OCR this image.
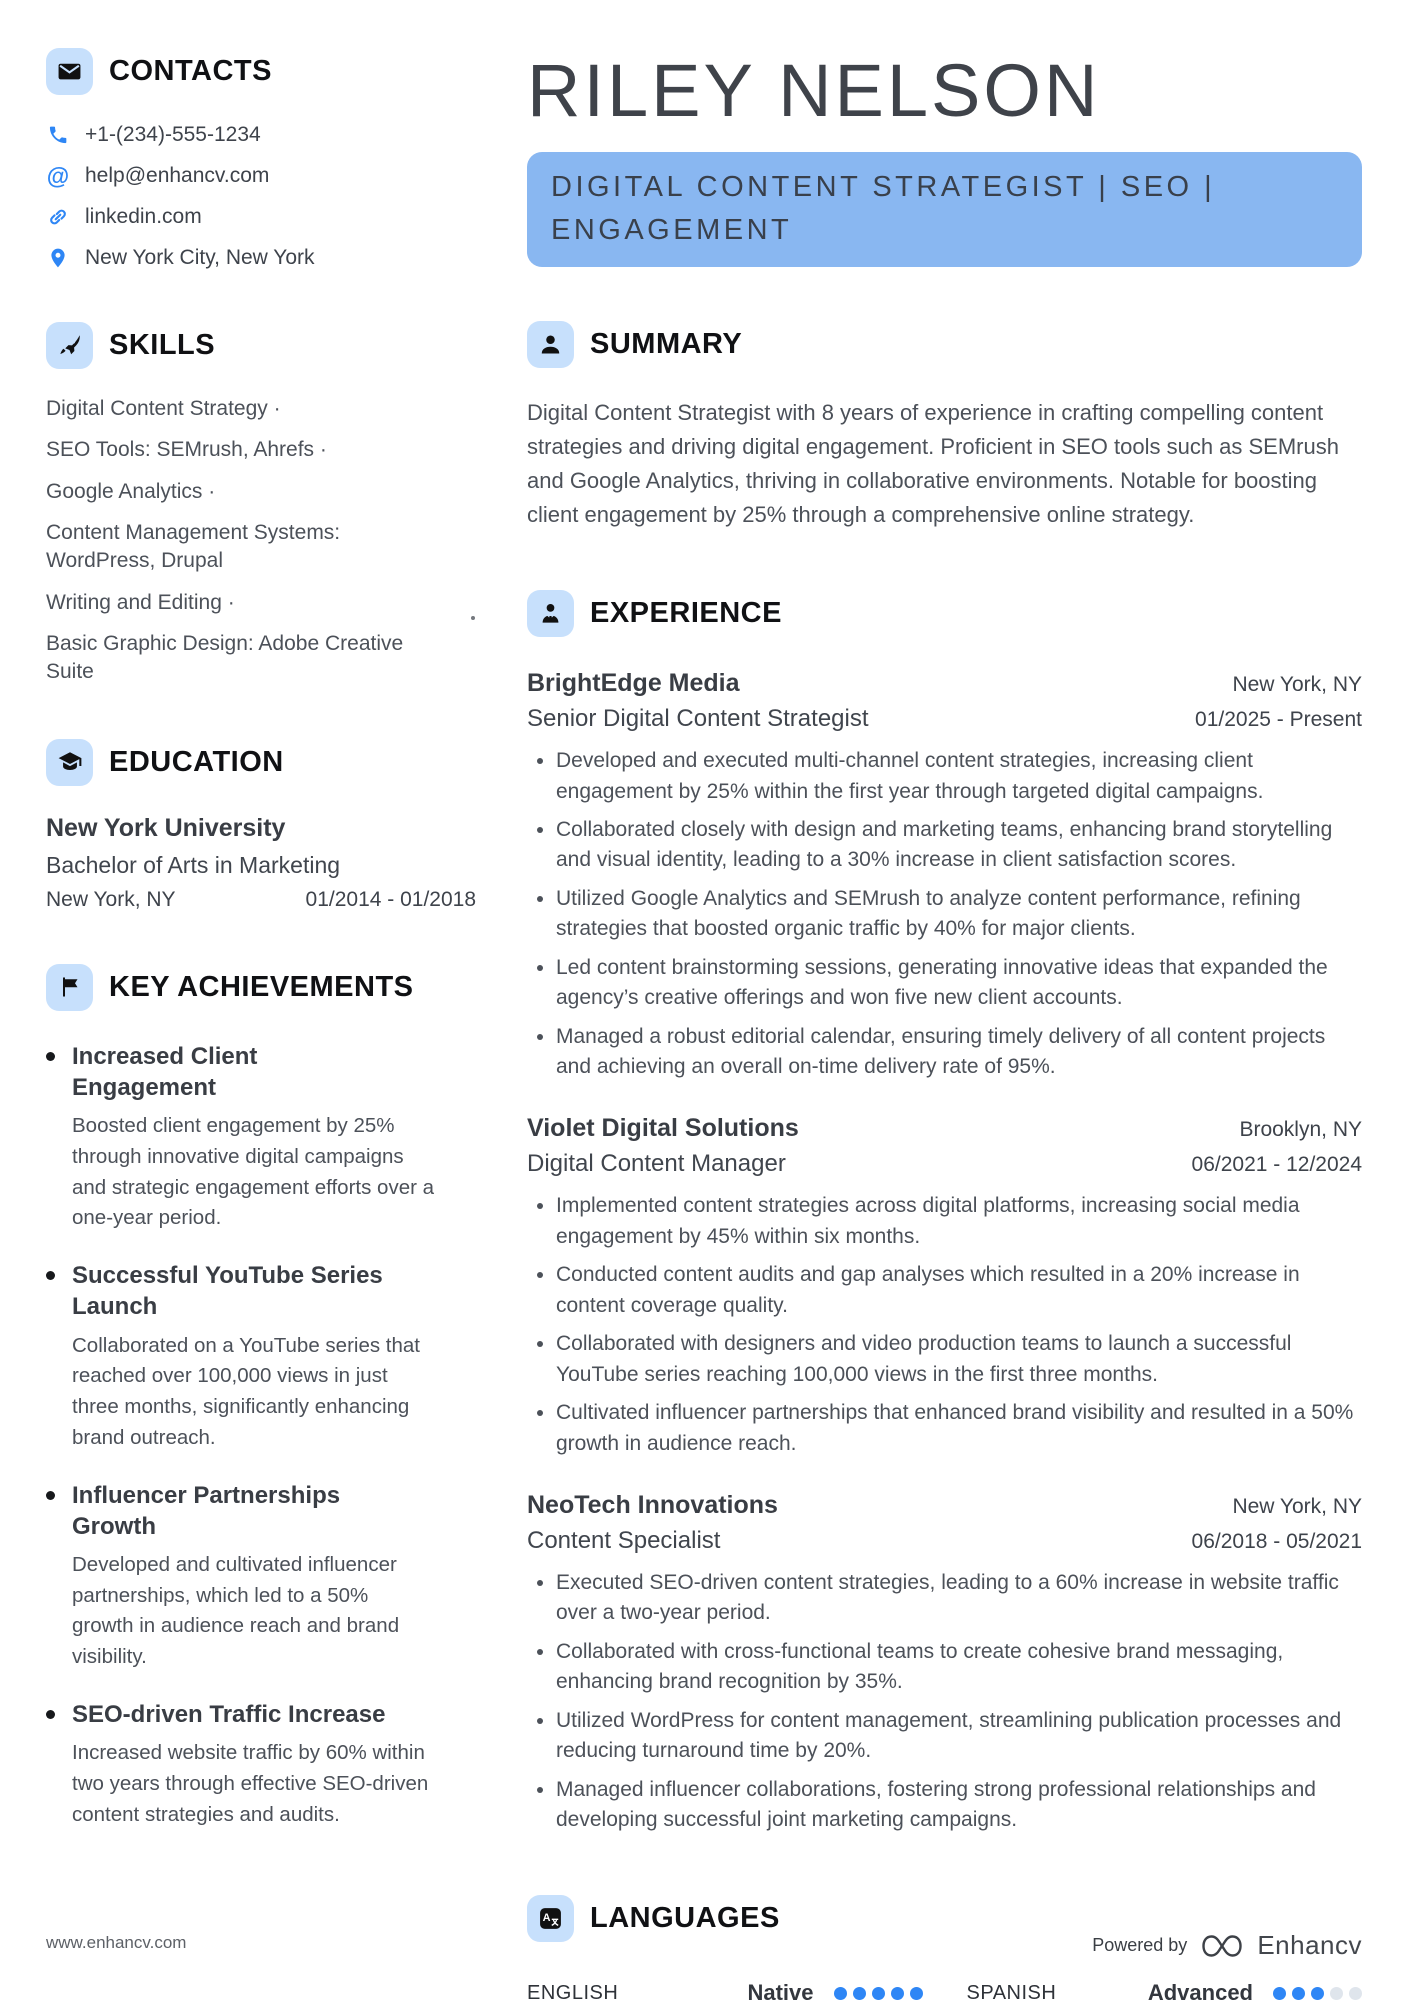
CONTACTS
+1-(234)-555-1234
@ help@enhancv.com
linkedin.com
New York City, New York
SKILLS
Digital Content Strategy ·
SEO Tools: SEMrush, Ahrefs ·
Google Analytics ·
Content Management Systems: WordPress, Drupal
Writing and Editing ·
Basic Graphic Design: Adobe Creative Suite
EDUCATION
New York University
Bachelor of Arts in Marketing
New York, NY	01/2014 - 01/2018
KEY ACHIEVEMENTS
Increased Client Engagement
Boosted client engagement by 25% through innovative digital campaigns and strategic engagement efforts over a one-year period.
Successful YouTube Series Launch
Collaborated on a YouTube series that reached over 100,000 views in just three months, significantly enhancing brand outreach.
Influencer Partnerships Growth
Developed and cultivated influencer partnerships, which led to a 50% growth in audience reach and brand visibility.
SEO-driven Traffic Increase
Increased website traffic by 60% within two years through effective SEO-driven content strategies and audits.
RILEY NELSON
DIGITAL CONTENT STRATEGIST | SEO | ENGAGEMENT
SUMMARY

Digital Content Strategist with 8 years of experience in crafting compelling content strategies and driving digital engagement. Proficient in SEO tools such as SEMrush and Google Analytics, thriving in collaborative environments. Notable for boosting client engagement by 25% through a comprehensive online strategy.

EXPERIENCE
BrightEdge Media	New York, NY
Senior Digital Content Strategist	01/2025 - Present
Developed and executed multi-channel content strategies, increasing client engagement by 25% within the first year through targeted digital campaigns.
Collaborated closely with design and marketing teams, enhancing brand storytelling and visual identity, leading to a 30% increase in client satisfaction scores.
Utilized Google Analytics and SEMrush to analyze content performance, refining strategies that boosted organic traffic by 40% for major clients.
Led content brainstorming sessions, generating innovative ideas that expanded the agency’s creative offerings and won five new client accounts.
Managed a robust editorial calendar, ensuring timely delivery of all content projects and achieving an overall on-time delivery rate of 95%.
Violet Digital Solutions	Brooklyn, NY
Digital Content Manager	06/2021 - 12/2024
Implemented content strategies across digital platforms, increasing social media engagement by 45% within six months.
Conducted content audits and gap analyses which resulted in a 20% increase in content coverage quality.
Collaborated with designers and video production teams to launch a successful YouTube series reaching 100,000 views in the first three months.
Cultivated influencer partnerships that enhanced brand visibility and resulted in a 50% growth in audience reach.
NeoTech Innovations	New York, NY
Content Specialist	06/2018 - 05/2021
Executed SEO-driven content strategies, leading to a 60% increase in website traffic over a two-year period.
Collaborated with cross-functional teams to create cohesive brand messaging, enhancing brand recognition by 35%.
Utilized WordPress for content management, streamlining publication processes and reducing turnaround time by 20%.
Managed influencer collaborations, fostering strong professional relationships and developing successful joint marketing campaigns.
A LANGUAGES
ENGLISH	Native	SPANISH	Advanced
www.enhancv.com	Powered by	Enhancv
